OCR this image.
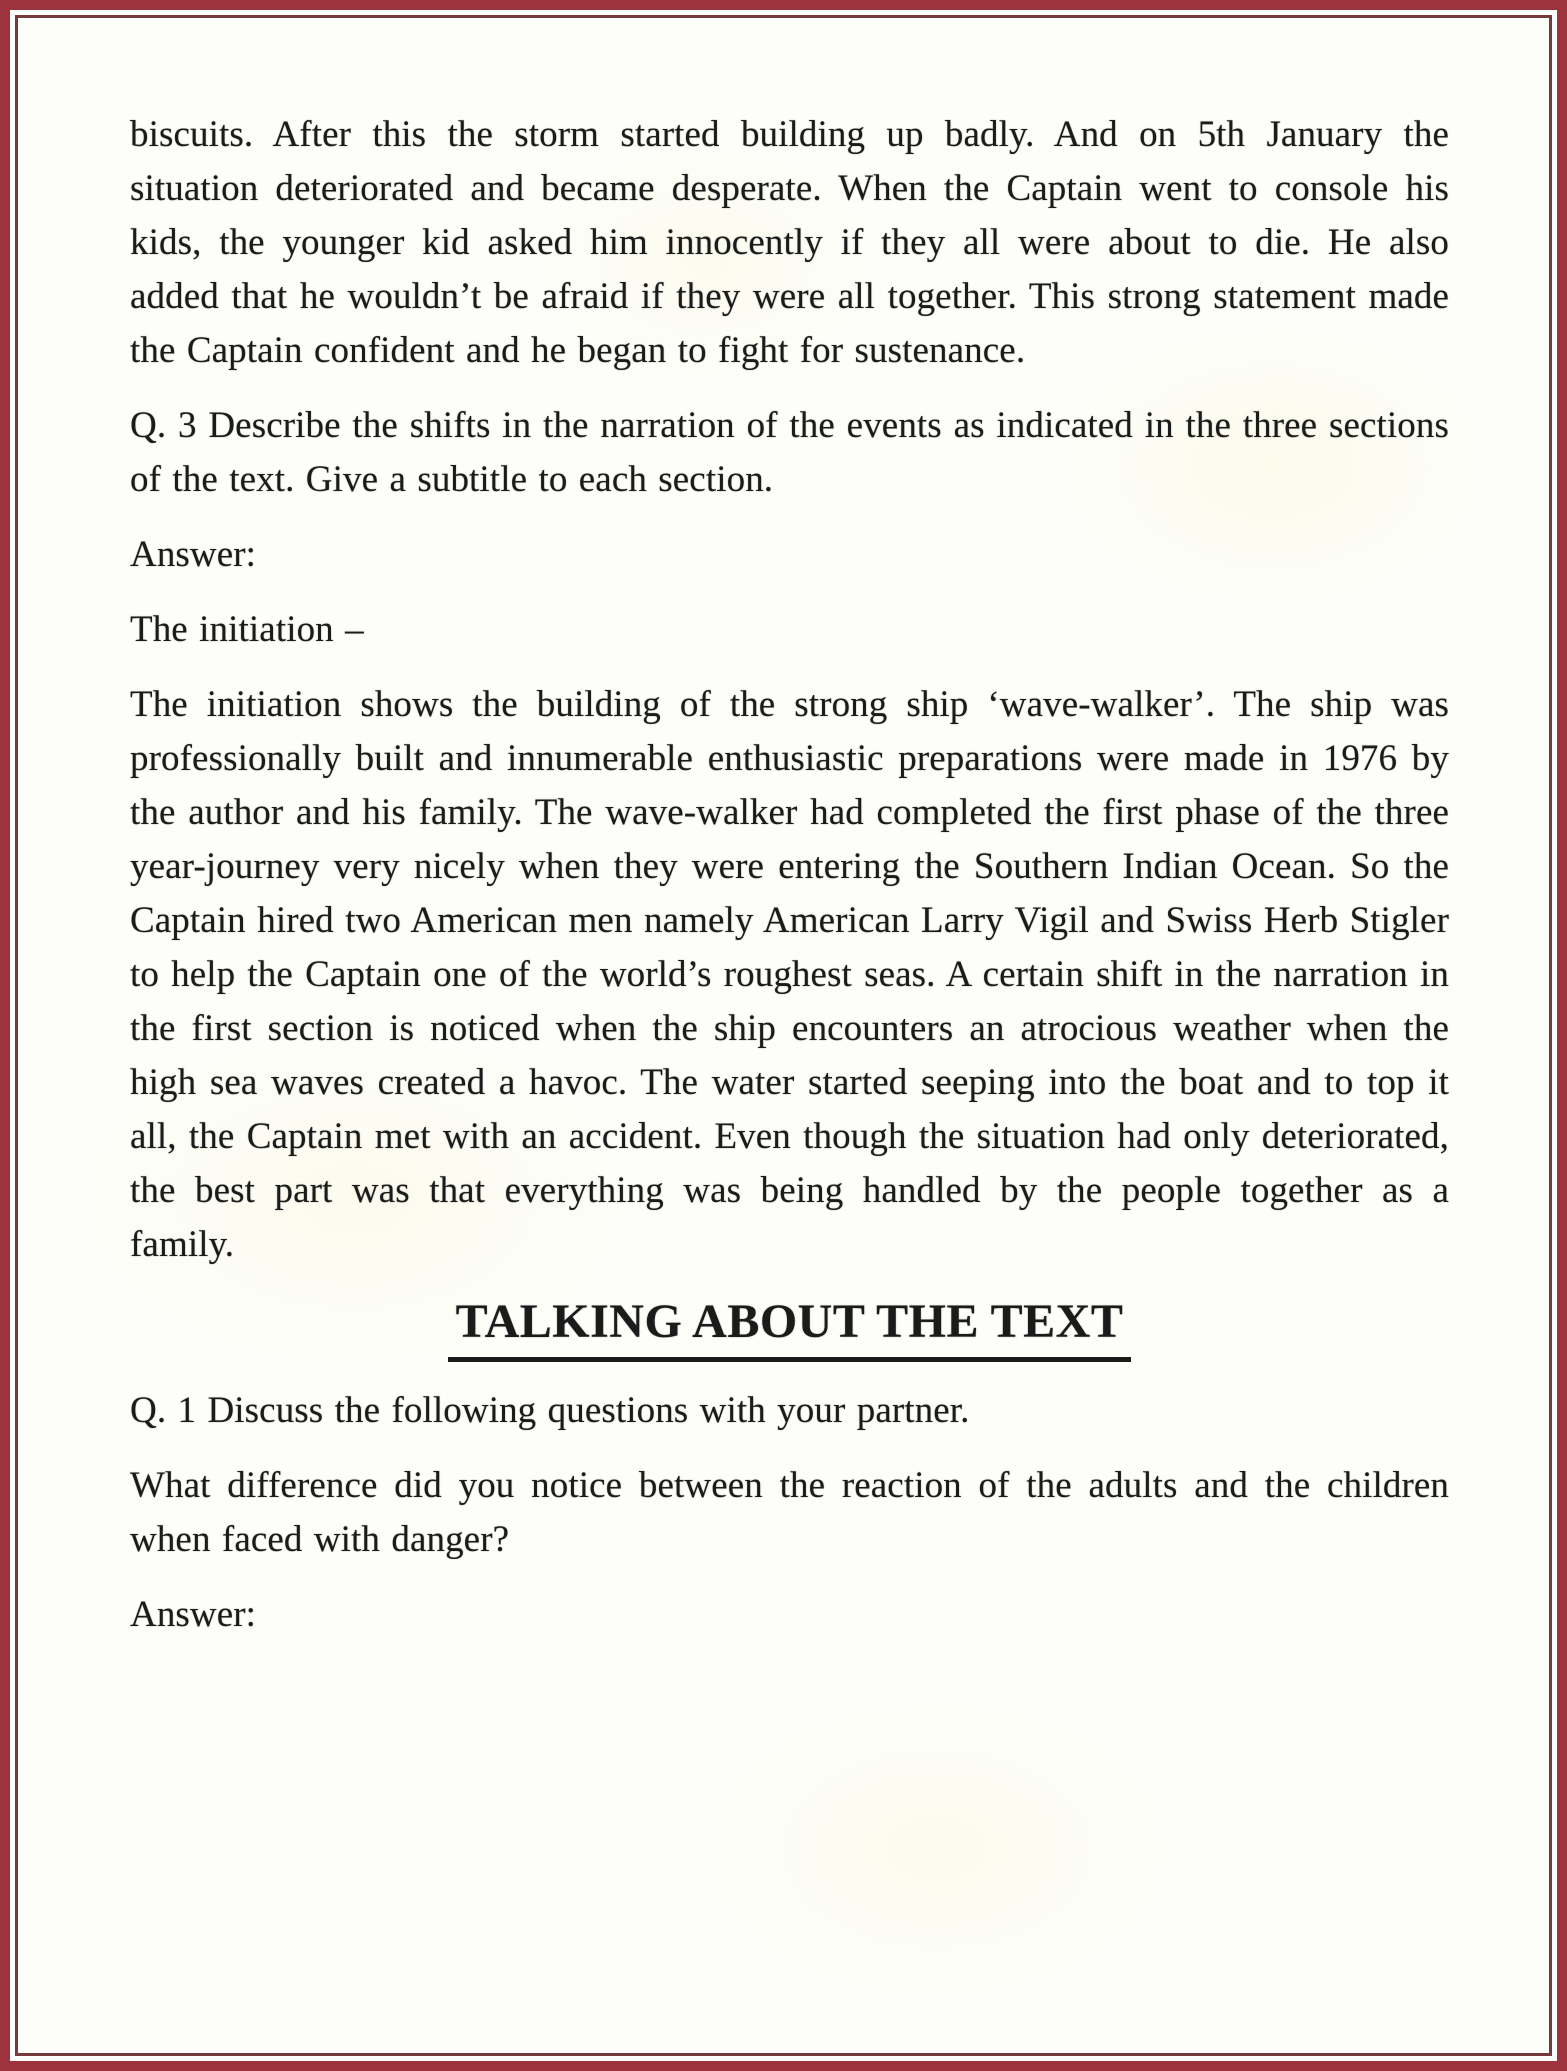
biscuits. After this the storm started building up badly. And on 5th January the situation deteriorated and became desperate. When the Captain went to console his kids, the younger kid asked him innocently if they all were about to die. He also added that he wouldn’t be afraid if they were all together. This strong statement made the Captain confident and he began to fight for sustenance.

Q. 3 Describe the shifts in the narration of the events as indicated in the three sections of the text. Give a subtitle to each section.

Answer:

The initiation –

The initiation shows the building of the strong ship ‘wave-walker’. The ship was professionally built and innumerable enthusiastic preparations were made in 1976 by the author and his family. The wave-walker had completed the first phase of the three year-journey very nicely when they were entering the Southern Indian Ocean. So the Captain hired two American men namely American Larry Vigil and Swiss Herb Stigler to help the Captain one of the world’s roughest seas. A certain shift in the narration in the first section is noticed when the ship encounters an atrocious weather when the high sea waves created a havoc. The water started seeping into the boat and to top it all, the Captain met with an accident. Even though the situation had only deteriorated, the best part was that everything was being handled by the people together as a family.

TALKING ABOUT THE TEXT

Q. 1 Discuss the following questions with your partner.

What difference did you notice between the reaction of the adults and the children when faced with danger?

Answer:
